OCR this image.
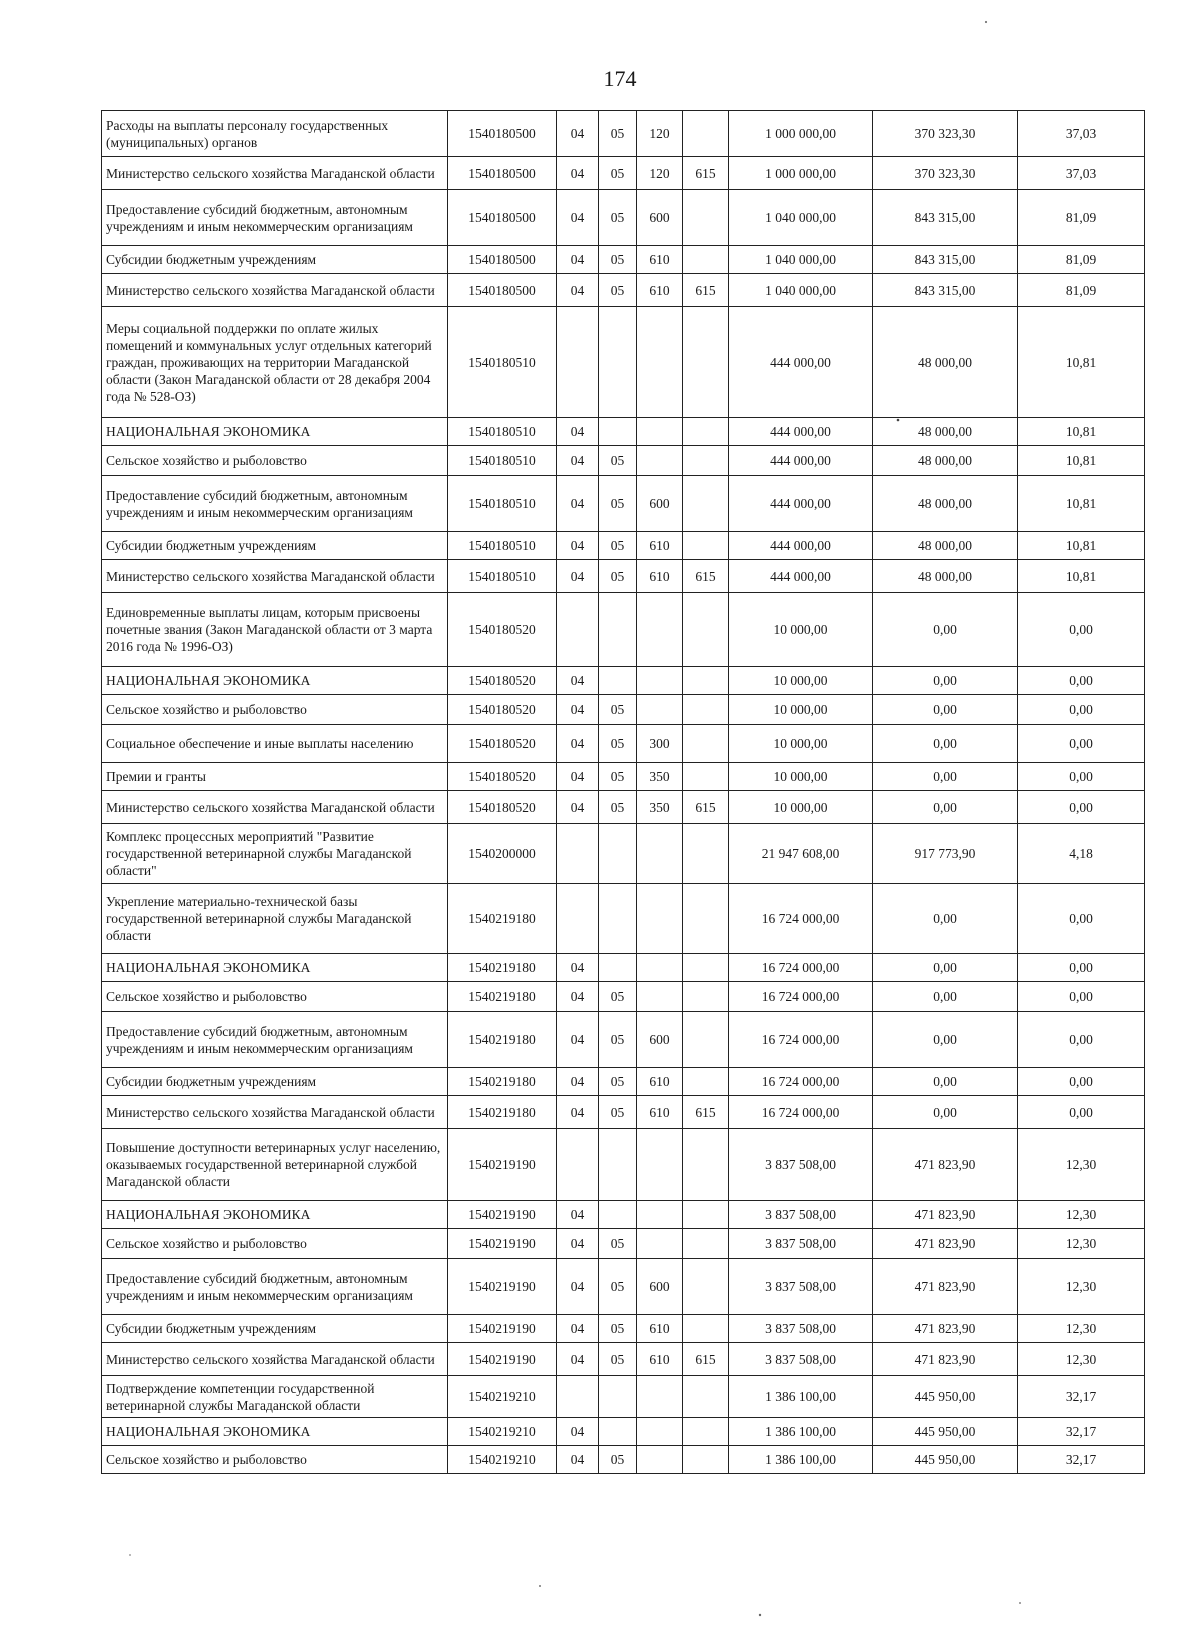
174
Расходы на выплаты персоналу государственных (муниципальных) органов	1540180500	04	05	120		1 000 000,00	370 323,30	37,03
Министерство сельского хозяйства Магаданской области	1540180500	04	05	120	615	1 000 000,00	370 323,30	37,03
Предоставление субсидий бюджетным, автономным учреждениям и иным некоммерческим организациям	1540180500	04	05	600		1 040 000,00	843 315,00	81,09
Субсидии бюджетным учреждениям	1540180500	04	05	610		1 040 000,00	843 315,00	81,09
Министерство сельского хозяйства Магаданской области	1540180500	04	05	610	615	1 040 000,00	843 315,00	81,09
Меры социальной поддержки по оплате жилых помещений и коммунальных услуг отдельных категорий граждан, проживающих на территории Магаданской области (Закон Магаданской области от 28 декабря 2004 года № 528-ОЗ)	1540180510					444 000,00	48 000,00	10,81
НАЦИОНАЛЬНАЯ ЭКОНОМИКА	1540180510	04				444 000,00	48 000,00	10,81
Сельское хозяйство и рыболовство	1540180510	04	05			444 000,00	48 000,00	10,81
Предоставление субсидий бюджетным, автономным учреждениям и иным некоммерческим организациям	1540180510	04	05	600		444 000,00	48 000,00	10,81
Субсидии бюджетным учреждениям	1540180510	04	05	610		444 000,00	48 000,00	10,81
Министерство сельского хозяйства Магаданской области	1540180510	04	05	610	615	444 000,00	48 000,00	10,81
Единовременные выплаты лицам, которым присвоены почетные звания (Закон Магаданской области от 3 марта 2016 года № 1996-ОЗ)	1540180520					10 000,00	0,00	0,00
НАЦИОНАЛЬНАЯ ЭКОНОМИКА	1540180520	04				10 000,00	0,00	0,00
Сельское хозяйство и рыболовство	1540180520	04	05			10 000,00	0,00	0,00
Социальное обеспечение и иные выплаты населению	1540180520	04	05	300		10 000,00	0,00	0,00
Премии и гранты	1540180520	04	05	350		10 000,00	0,00	0,00
Министерство сельского хозяйства Магаданской области	1540180520	04	05	350	615	10 000,00	0,00	0,00
Комплекс процессных мероприятий "Развитие государственной ветеринарной службы Магаданской области"	1540200000					21 947 608,00	917 773,90	4,18
Укрепление материально-технической базы государственной ветеринарной службы Магаданской области	1540219180					16 724 000,00	0,00	0,00
НАЦИОНАЛЬНАЯ ЭКОНОМИКА	1540219180	04				16 724 000,00	0,00	0,00
Сельское хозяйство и рыболовство	1540219180	04	05			16 724 000,00	0,00	0,00
Предоставление субсидий бюджетным, автономным учреждениям и иным некоммерческим организациям	1540219180	04	05	600		16 724 000,00	0,00	0,00
Субсидии бюджетным учреждениям	1540219180	04	05	610		16 724 000,00	0,00	0,00
Министерство сельского хозяйства Магаданской области	1540219180	04	05	610	615	16 724 000,00	0,00	0,00
Повышение доступности ветеринарных услуг населению, оказываемых государственной ветеринарной службой Магаданской области	1540219190					3 837 508,00	471 823,90	12,30
НАЦИОНАЛЬНАЯ ЭКОНОМИКА	1540219190	04				3 837 508,00	471 823,90	12,30
Сельское хозяйство и рыболовство	1540219190	04	05			3 837 508,00	471 823,90	12,30
Предоставление субсидий бюджетным, автономным учреждениям и иным некоммерческим организациям	1540219190	04	05	600		3 837 508,00	471 823,90	12,30
Субсидии бюджетным учреждениям	1540219190	04	05	610		3 837 508,00	471 823,90	12,30
Министерство сельского хозяйства Магаданской области	1540219190	04	05	610	615	3 837 508,00	471 823,90	12,30
Подтверждение компетенции государственной ветеринарной службы Магаданской области	1540219210					1 386 100,00	445 950,00	32,17
НАЦИОНАЛЬНАЯ ЭКОНОМИКА	1540219210	04				1 386 100,00	445 950,00	32,17
Сельское хозяйство и рыболовство	1540219210	04	05			1 386 100,00	445 950,00	32,17
